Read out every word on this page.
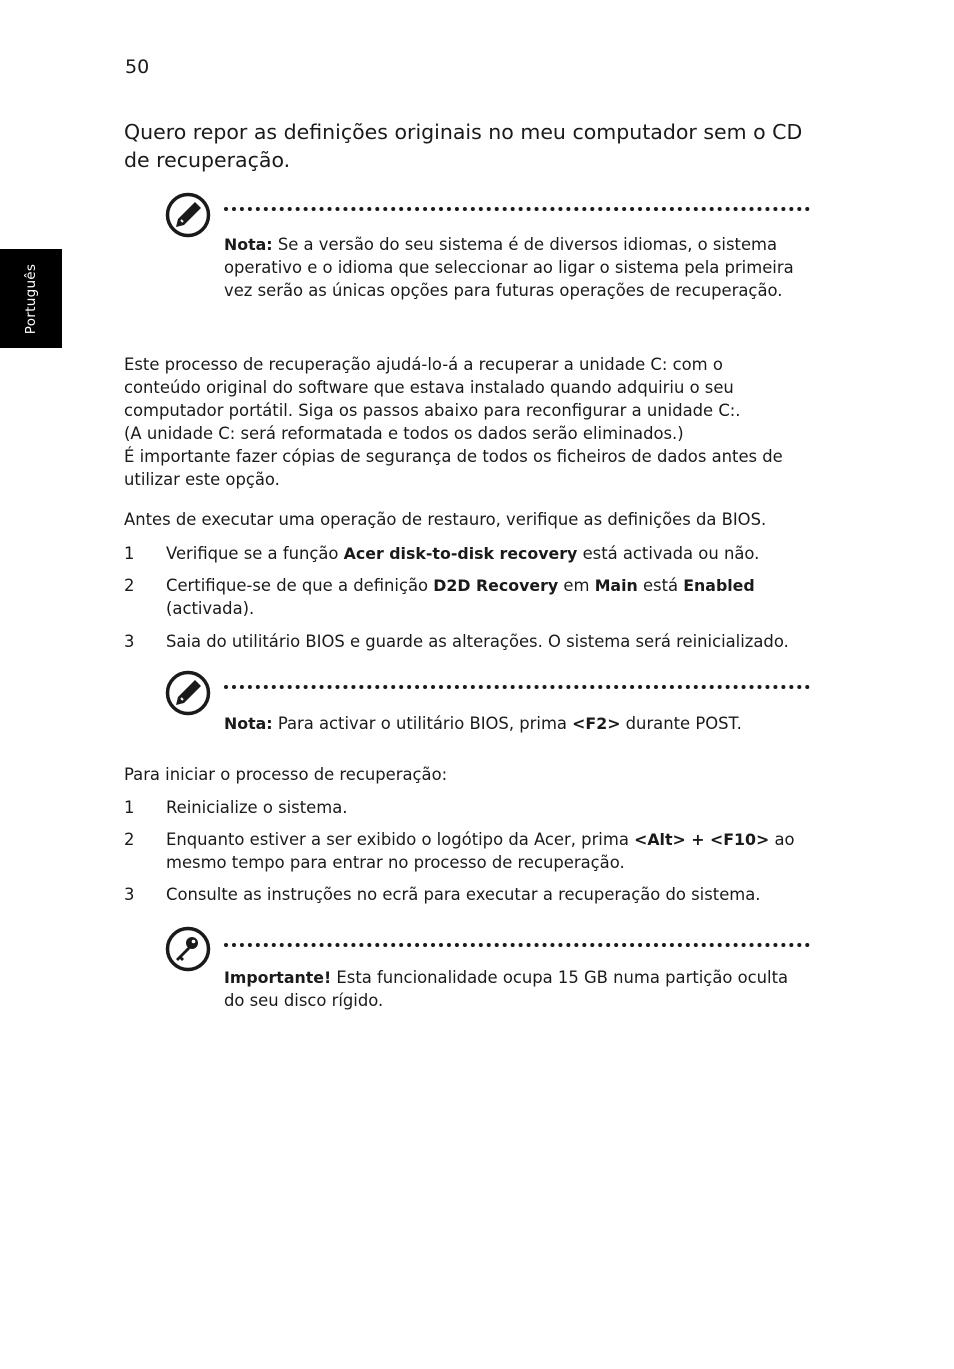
50
Português
Quero repor as definições originais no meu computador sem o CD de recuperação.
Nota: Se a versão do seu sistema é de diversos idiomas, o sistema operativo e o idioma que seleccionar ao ligar o sistema pela primeira vez serão as únicas opções para futuras operações de recuperação.
Este processo de recuperação ajudá-lo-á a recuperar a unidade C: com o
conteúdo original do software que estava instalado quando adquiriu o seu
computador portátil. Siga os passos abaixo para reconfigurar a unidade C:.
(A unidade C: será reformatada e todos os dados serão eliminados.)
É importante fazer cópias de segurança de todos os ficheiros de dados antes de
utilizar este opção.
Antes de executar uma operação de restauro, verifique as definições da BIOS.
1 Verifique se a função Acer disk-to-disk recovery está activada ou não.
2 Certifique-se de que a definição D2D Recovery em Main está Enabled (activada).
3 Saia do utilitário BIOS e guarde as alterações. O sistema será reinicializado.
Nota: Para activar o utilitário BIOS, prima <F2> durante POST.
Para iniciar o processo de recuperação:
1 Reinicialize o sistema.
2 Enquanto estiver a ser exibido o logótipo da Acer, prima <Alt> + <F10> ao mesmo tempo para entrar no processo de recuperação.
3 Consulte as instruções no ecrã para executar a recuperação do sistema.
Importante! Esta funcionalidade ocupa 15 GB numa partição oculta do seu disco rígido.
